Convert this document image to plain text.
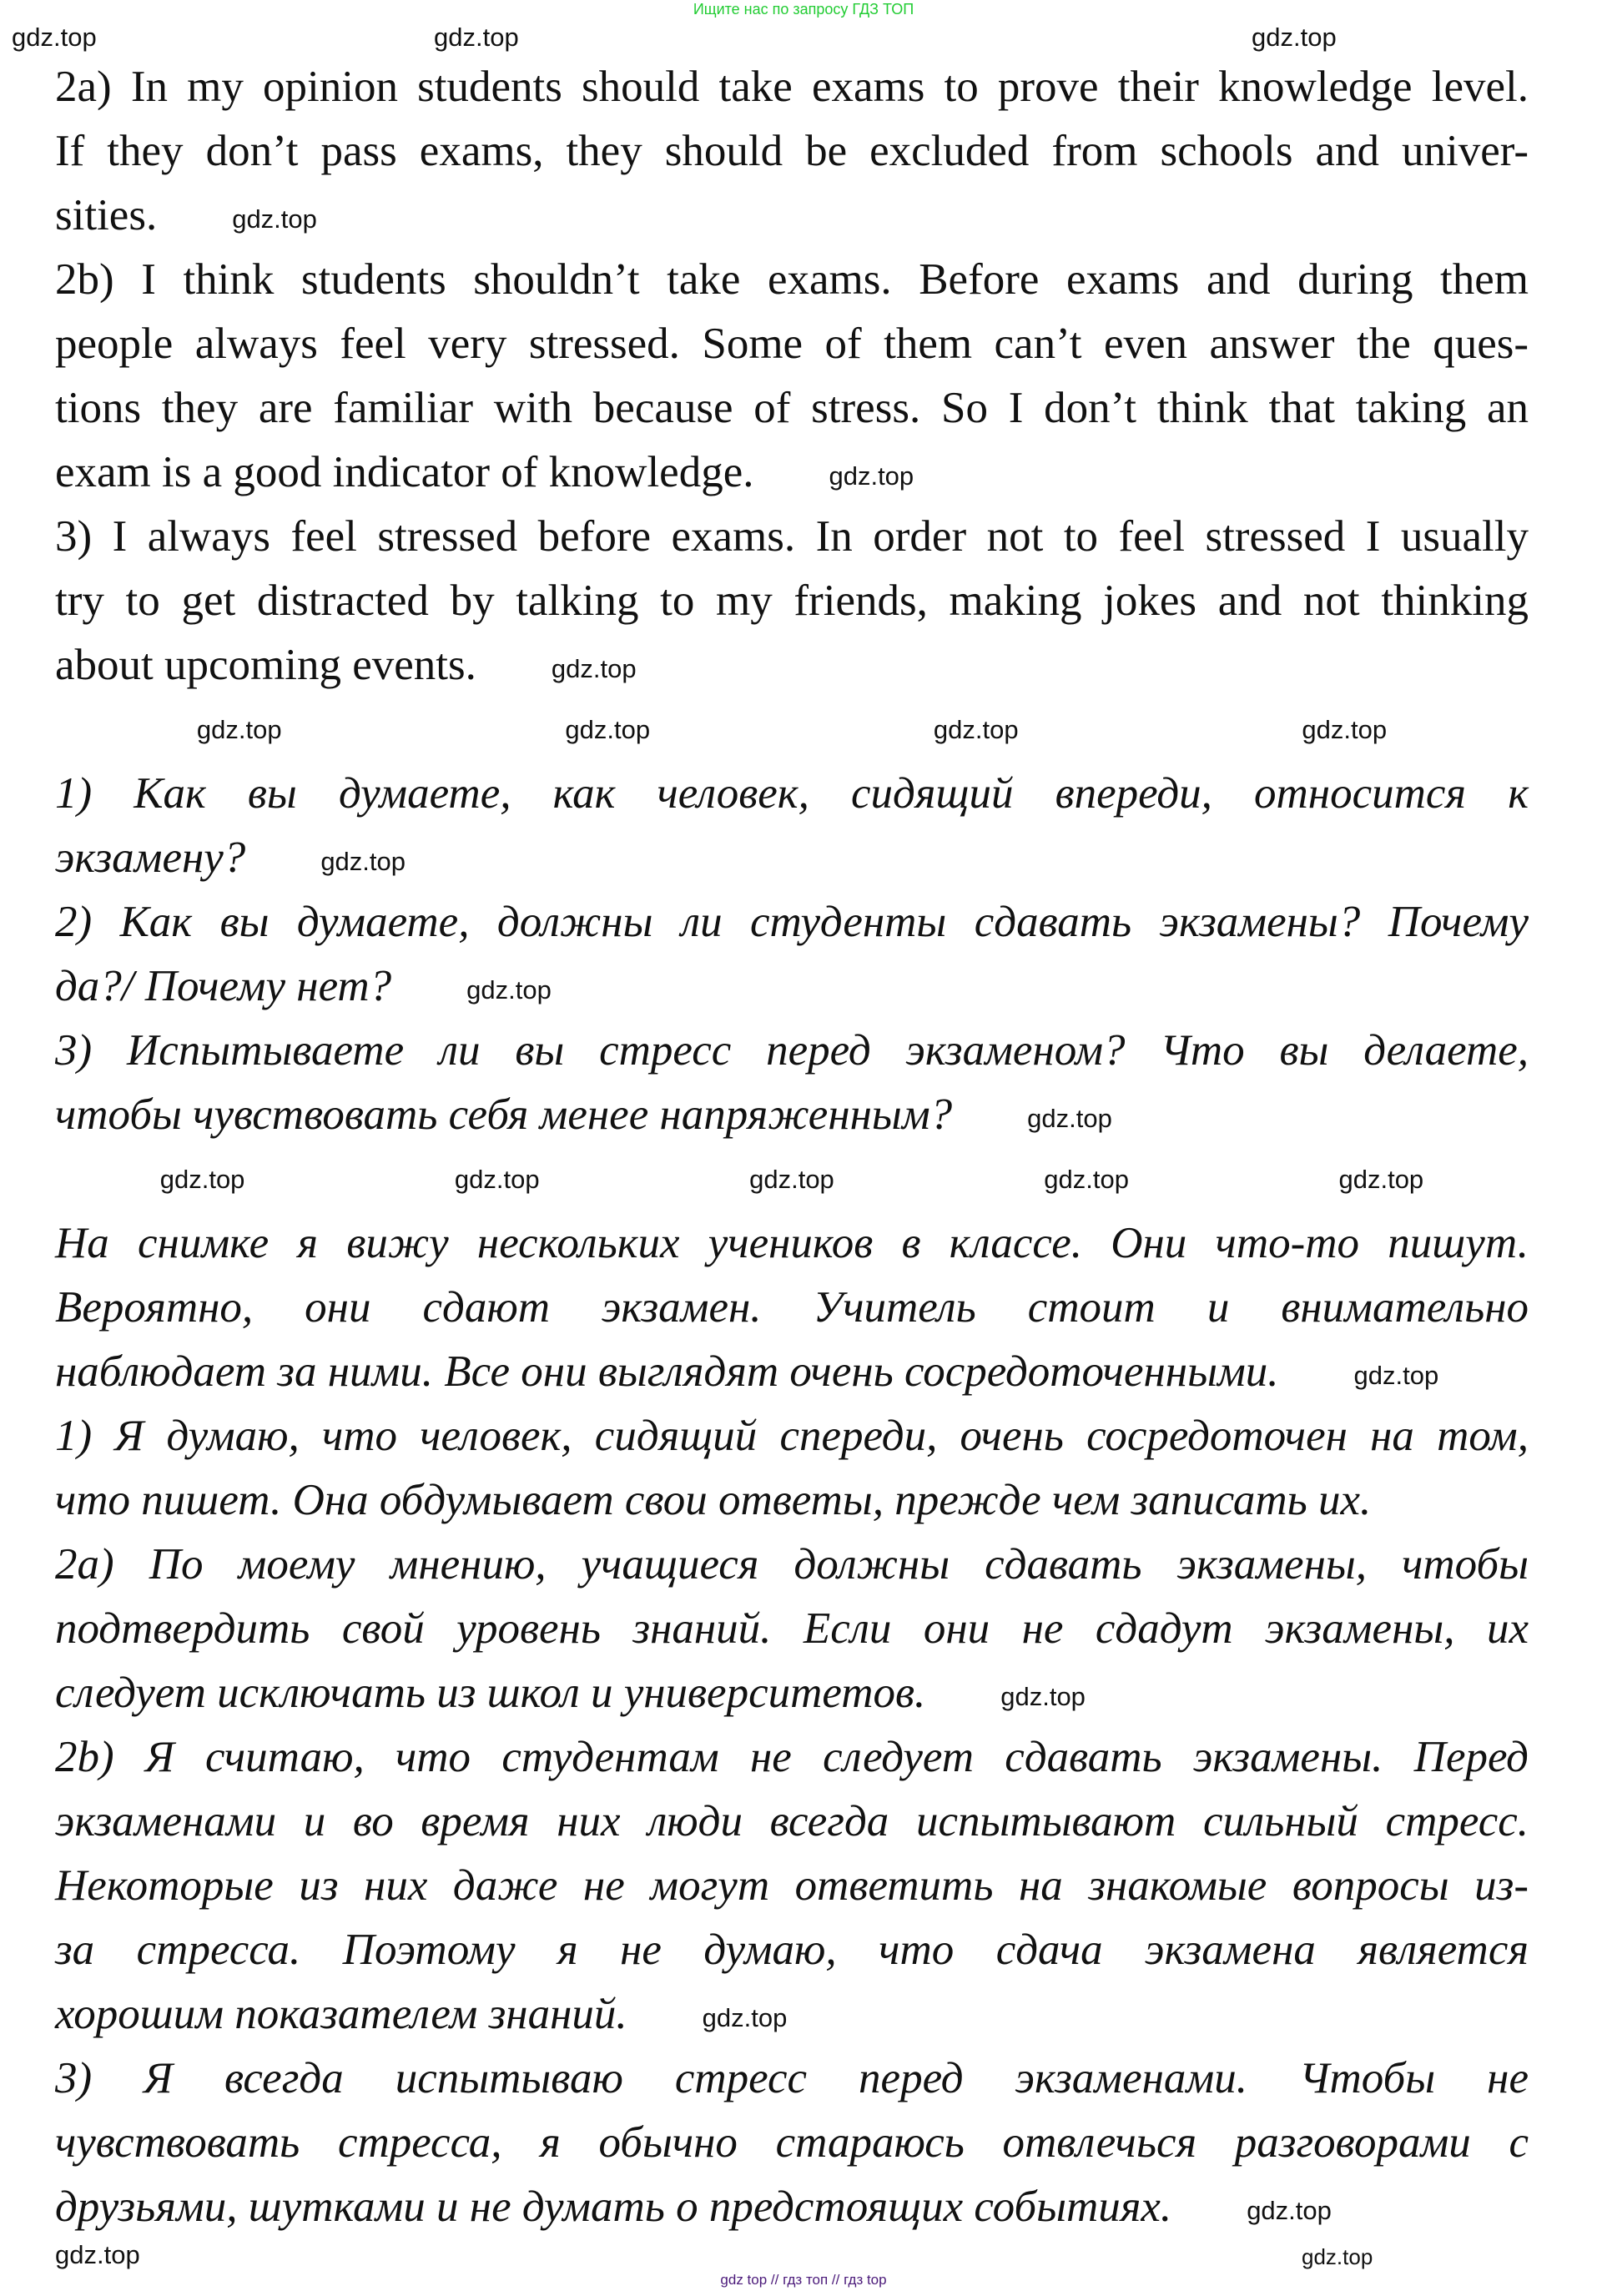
Ищите нас по запросу ГДЗ ТОП
2a) In my opinion students should take exams to prove their knowledge level.
If they don’t pass exams, they should be excluded from schools and univer-
sities.	gdz.top
2b) I think students shouldn’t take exams. Before exams and during them
people always feel very stressed. Some of them can’t even answer the ques-
tions they are familiar with because of stress. So I don’t think that taking an
exam is a good indicator of knowledge.	gdz.top
3) I always feel stressed before exams. In order not to feel stressed I usually
try to get distracted by talking to my friends, making jokes and not thinking
about upcoming events.	gdz.top
gdz.top	gdz.top	gdz.top	gdz.top
1) Как вы думаете, как человек, сидящий впереди, относится к
экзамену?	gdz.top
2) Как вы думаете, должны ли студенты сдавать экзамены? Почему
да?/ Почему нет?	gdz.top
3) Испытываете ли вы стресс перед экзаменом? Что вы делаете,
чтобы чувствовать себя менее напряженным?	gdz.top
gdz.top	gdz.top	gdz.top	gdz.top	gdz.top
На снимке я вижу нескольких учеников в классе. Они что-то пишут.
Вероятно, они сдают экзамен. Учитель стоит и внимательно
наблюдает за ними. Все они выглядят очень сосредоточенными.	gdz.top
1) Я думаю, что человек, сидящий спереди, очень сосредоточен на том,
что пишет. Она обдумывает свои ответы, прежде чем записать их.
2a) По моему мнению, учащиеся должны сдавать экзамены, чтобы
подтвердить свой уровень знаний. Если они не сдадут экзамены, их
следует исключать из школ и университетов.	gdz.top
2b) Я считаю, что студентам не следует сдавать экзамены. Перед
экзаменами и во время них люди всегда испытывают сильный стресс.
Некоторые из них даже не могут ответить на знакомые вопросы из-
за стресса. Поэтому я не думаю, что сдача экзамена является
хорошим показателем знаний.	gdz.top
3) Я всегда испытываю стресс перед экзаменами. Чтобы не
чувствовать стресса, я обычно стараюсь отвлечься разговорами с
друзьями, шутками и не думать о предстоящих событиях.	gdz.top
gdz.top	gdz.top	gdz.top
gdz.top	gdz.top
gdz top // гдз топ // гдз top
